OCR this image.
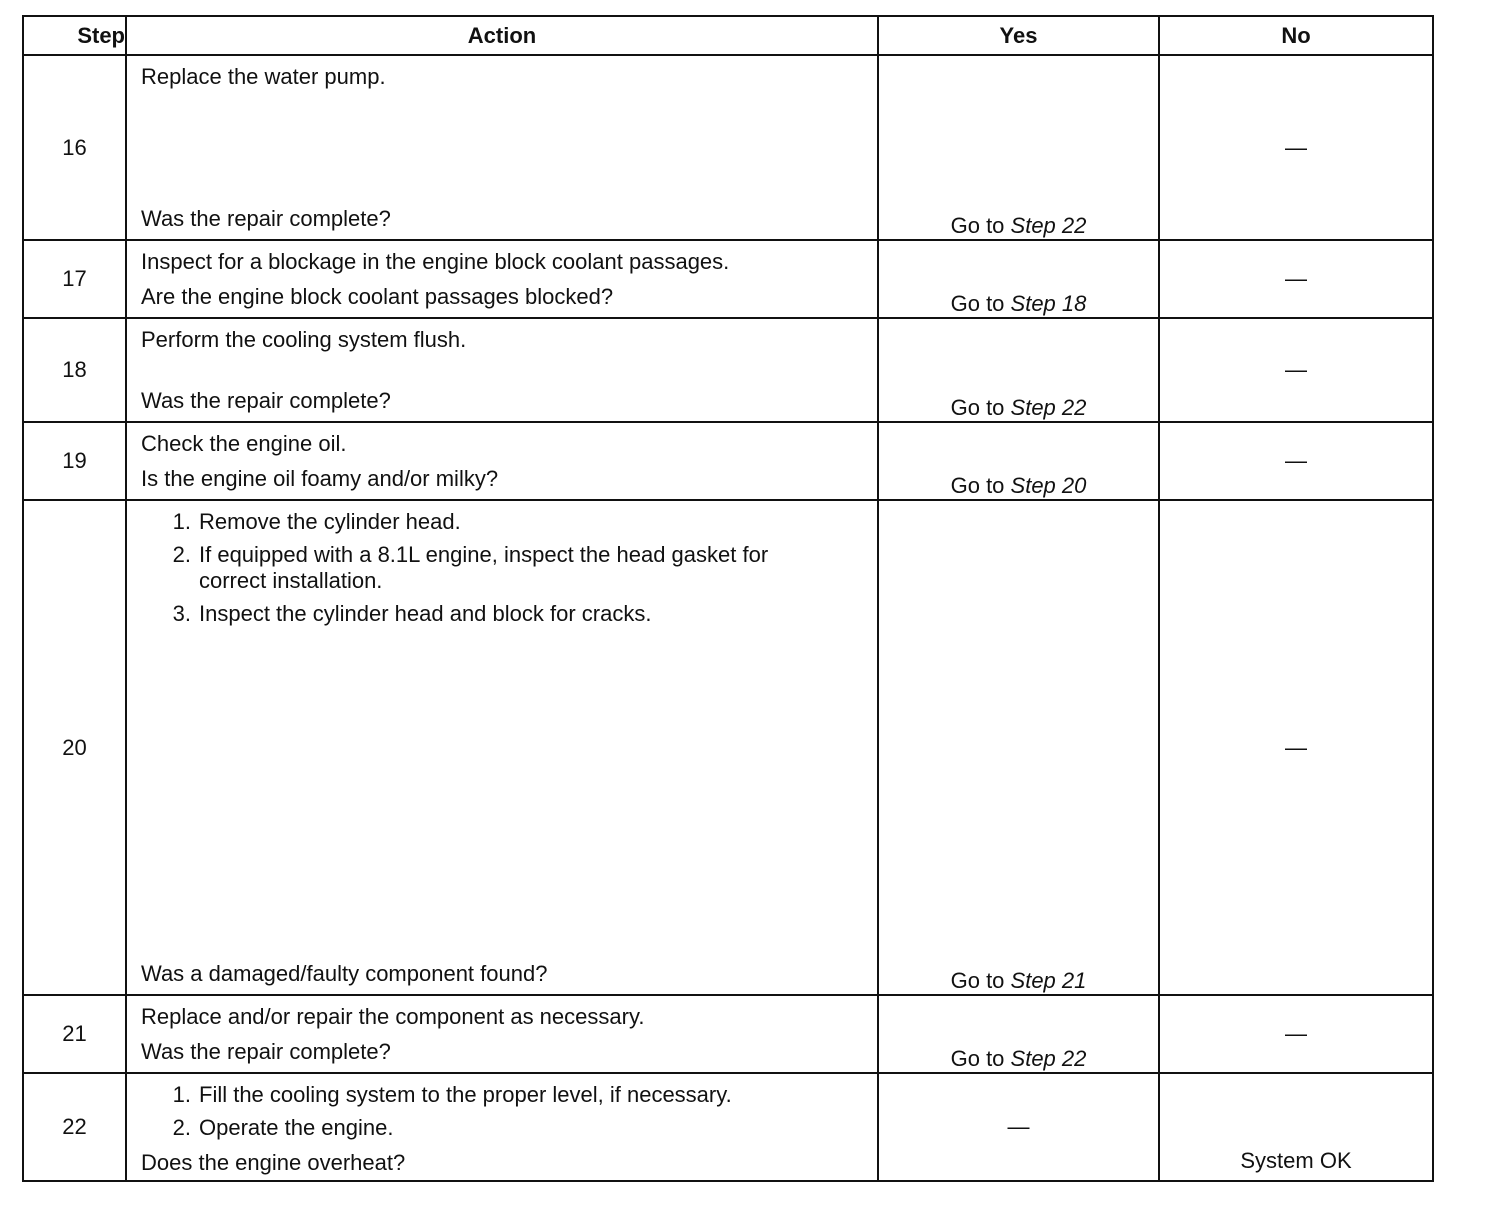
Step	Action	Yes	No
16	Replace the water pump.
Was the repair complete?	Go to Step 22	—
17	Inspect for a blockage in the engine block coolant passages.
Are the engine block coolant passages blocked?	Go to Step 18	—
18	Perform the cooling system flush.
Was the repair complete?	Go to Step 22	—
19	Check the engine oil.
Is the engine oil foamy and/or milky?	Go to Step 20	—
20	1. Remove the cylinder head.
2. If equipped with a 8.1L engine, inspect the head gasket for correct installation.
3. Inspect the cylinder head and block for cracks.
Was a damaged/faulty component found?	Go to Step 21	—
21	Replace and/or repair the component as necessary.
Was the repair complete?	Go to Step 22	—
22	1. Fill the cooling system to the proper level, if necessary.
2. Operate the engine.
Does the engine overheat?	—	System OK
